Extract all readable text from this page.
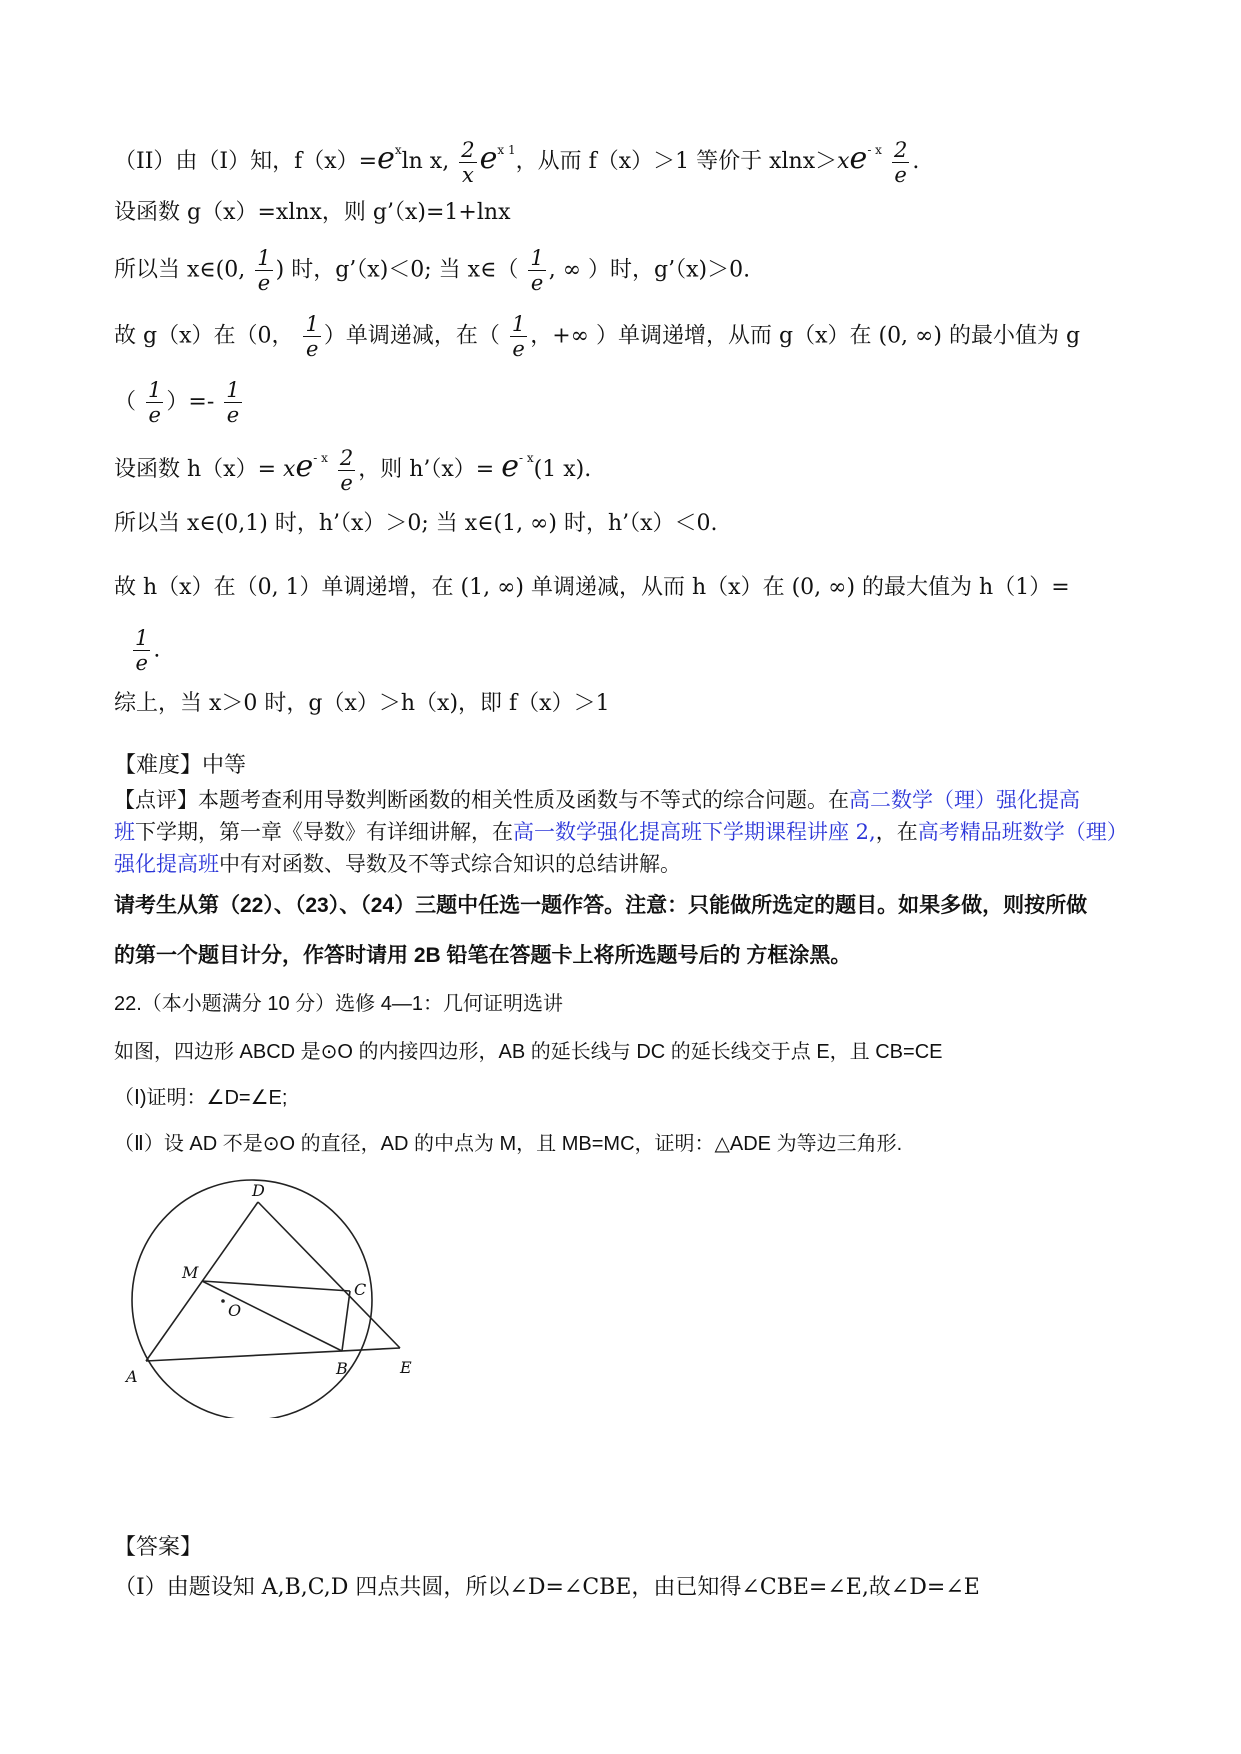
（II）由（I）知，$f(x)=e^x\ln$ x, $\frac{2}{x} e^{x 1}$，从而 f（x）＞1 等价于 $xlnx>xe^{- x} \frac{2}{e}$ .
设函数 g（x）=xlnx，则 g’（x)=1+lnx
所以当 x∈(0, $\frac{1}{e}$ ) 时，g’（x)＜0; 当 x∈（ $\frac{1}{e}$ , ∞ ）时，g’（x)＞0.
故 g（x）在（0， $\frac{1}{e}$ ）单调递减，在（ $\frac{1}{e}$ ，+∞ ）单调递增，从而 g（x）在 (0, ∞) 的最小值为 g
（ $\frac{1}{e}$ ）=- $\frac{1}{e}$
设函数 $h(x)= xe^{- x} \frac{2}{e}$ ，则 h’（x）= $e^{- x}(1$ x).
所以当 x∈(0,1) 时，h’（x）＞0; 当 x∈(1, ∞) 时，h’（x）＜0.
故 h（x）在（0, 1）单调递增，在 (1, ∞) 单调递减，从而 h（x）在 (0, ∞) 的最大值为 h（1）=
$\frac{1}{e}$ .
综上，当 x＞0 时，g（x）＞h（x)，即 f（x）＞1
【难度】中等
【点评】本题考查利用导数判断函数的相关性质及函数与不等式的综合问题。在高二数学（理）强化提高
班下学期，第一章《导数》有详细讲解，在高一数学强化提高班下学期课程讲座 2,，在高考精品班数学（理）
强化提高班中有对函数、导数及不等式综合知识的总结讲解。
请考生从第（22）、（23）、（24）三题中任选一题作答。注意：只能做所选定的题目。如果多做，则按所做
的第一个题目计分，作答时请用 2B 铅笔在答题卡上将所选题号后的 方框涂黑。
22.（本小题满分 10 分）选修 4—1：几何证明选讲
如图，四边形 ABCD 是⊙O 的内接四边形，AB 的延长线与 DC 的延长线交于点 E，且 CB=CE
（Ⅰ)证明：∠D=∠E;
（Ⅱ）设 AD 不是⊙O 的直径，AD 的中点为 M，且 MB=MC，证明：△ADE 为等边三角形.
D
M
C
O
A	B	E
【答案】
（I）由题设知 A,B,C,D 四点共圆，所以∠D=∠CBE，由已知得∠CBE=∠E,故∠D=∠E
